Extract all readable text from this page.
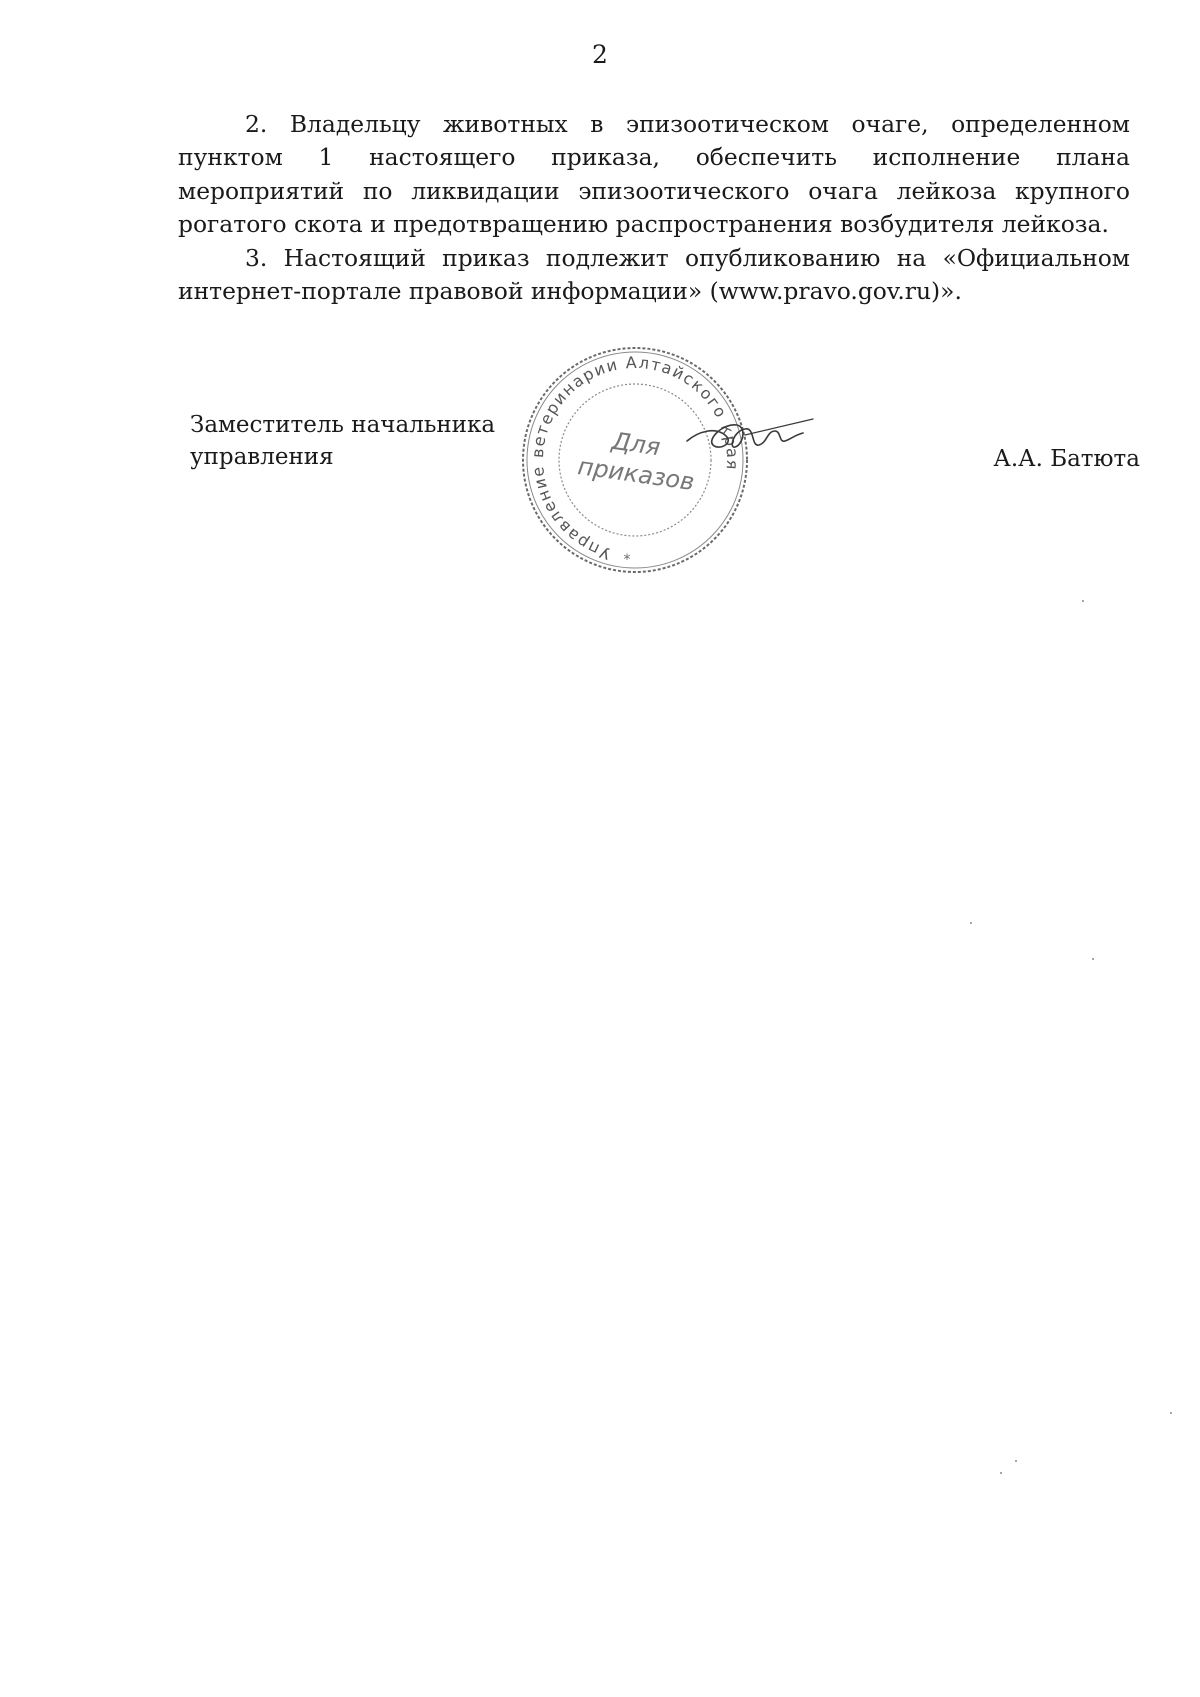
2

2. Владельцу животных в эпизоотическом очаге, определенном пунктом 1 настоящего приказа, обеспечить исполнение плана мероприятий по ликвидации эпизоотического очага лейкоза крупного рогатого скота и предотвращению распространения возбудителя лейкоза.

3. Настоящий приказ подлежит опубликованию на «Официальном интернет-портале правовой информации» (www.pravo.gov.ru)».

Заместитель начальника
управления
Управление ветеринарии Алтайского края
Для
приказов
*
А.А. Батюта
